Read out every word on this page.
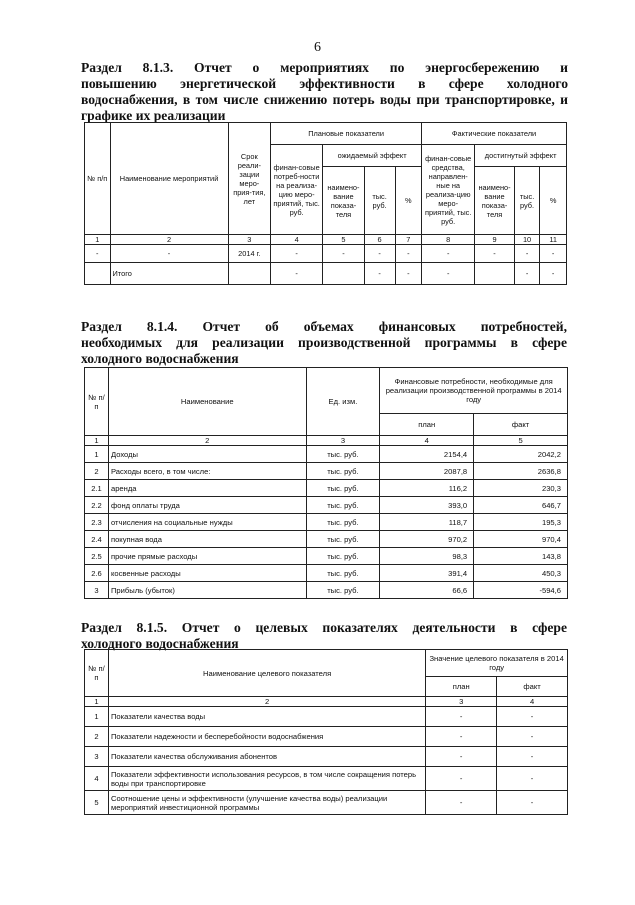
6
Раздел 8.1.3. Отчет о мероприятиях по энергосбережению и
повышению энергетической эффективности в сфере холодного
водоснабжения, в том числе снижению потерь воды при транспортировке, и
графике их реализации
№ п/п	Наименование мероприятий	Срок реали-зации меро-прия-тия, лет	Плановые показатели				Фактические показатели			
			финан-совые потреб-ности на реализа-цию меро-приятий, тыс. руб.	ожидаемый эффект			финан-совые средства, направлен-ные на реализа-цию меро-приятий, тыс. руб.	достигнутый эффект		
				наимено-вание показа-теля	тыс. руб.	%		наимено-вание показа-теля	тыс. руб.	%
1	2	3	4	5	6	7	8	9	10	11
-	-	2014 г.	-	-	-	-	-	-	-	-
	Итого		-		-	-	-		-	-
Раздел 8.1.4. Отчет об объемах финансовых потребностей,
необходимых для реализации производственной программы в сфере
холодного водоснабжения
№ п/п	Наименование	Ед. изм.	Финансовые потребности, необходимые для реализации производственной программы в 2014 году	
			план	факт
1	2	3	4	5
1	Доходы	тыс. руб.	2154,4	2042,2
2	Расходы всего, в том числе:	тыс. руб.	2087,8	2636,8
2.1	аренда	тыс. руб.	116,2	230,3
2.2	фонд оплаты труда	тыс. руб.	393,0	646,7
2.3	отчисления на социальные нужды	тыс. руб.	118,7	195,3
2.4	покупная вода	тыс. руб.	970,2	970,4
2.5	прочие прямые расходы	тыс. руб.	98,3	143,8
2.6	косвенные расходы	тыс. руб.	391,4	450,3
3	Прибыль (убыток)	тыс. руб.	66,6	-594,6
Раздел 8.1.5. Отчет о целевых показателях деятельности в сфере
холодного водоснабжения
№ п/п	Наименование целевого показателя	Значение целевого показателя в 2014 году	
		план	факт
1	2	3	4
1	Показатели качества воды	-	-
2	Показатели надежности и бесперебойности водоснабжения	-	-
3	Показатели качества обслуживания абонентов	-	-
4	Показатели эффективности использования ресурсов, в том числе сокращения потерь воды при транспортировке	-	-
5	Соотношение цены и эффективности (улучшение качества воды) реализации мероприятий инвестиционной программы	-	-
